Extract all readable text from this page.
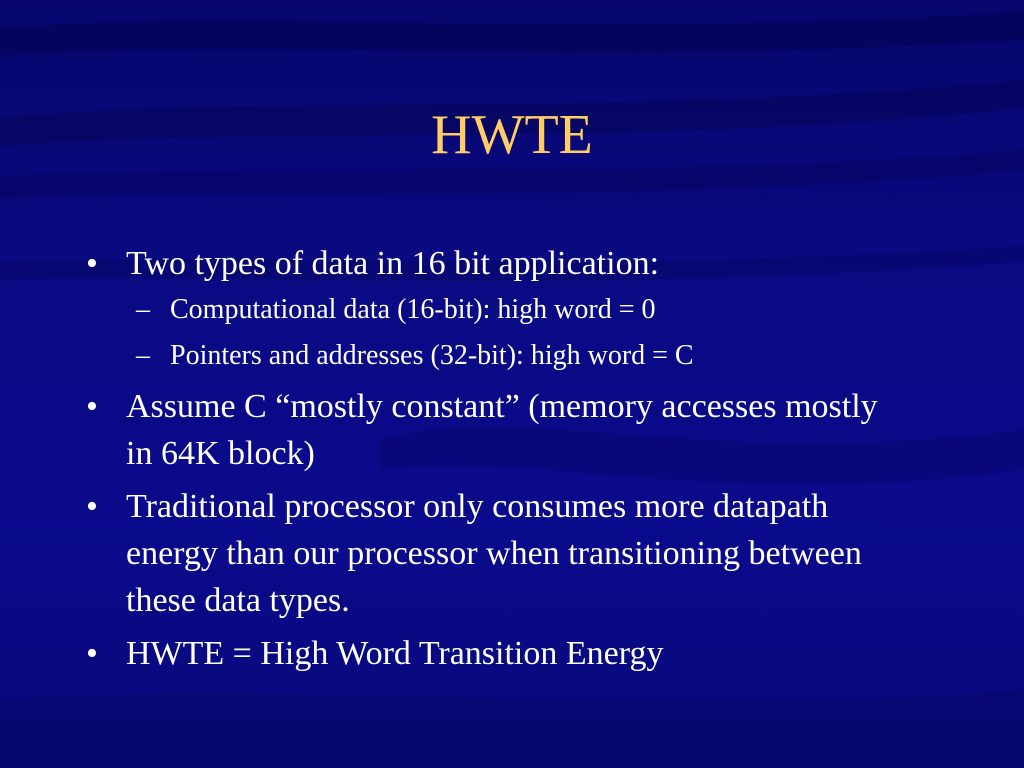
HWTE
• Two types of data in 16 bit application:
– Computational data (16-bit): high word = 0
– Pointers and addresses (32-bit): high word = C
• Assume C “mostly constant” (memory accesses mostly in 64K block)
• Traditional processor only consumes more datapath energy than our processor when transitioning between these data types.
• HWTE = High Word Transition Energy
